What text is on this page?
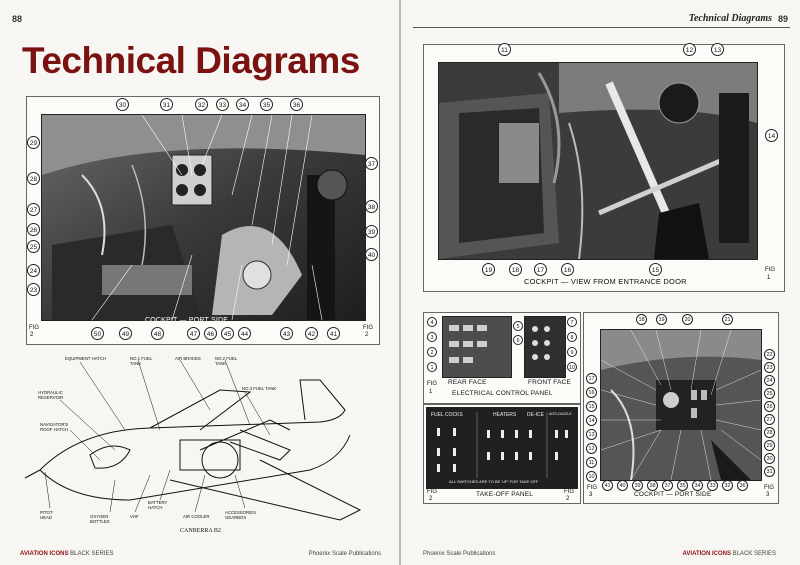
88
Technical Diagrams
30	31	32	33	34	35	36
29
28
27
26
25
24
23
37
38
39
40
50	49	48	47	46	45	44	43	42	41
COCKPIT — PORT SIDE
FIG
2
FIG
2
EQUIPMENT HATCH	NO.1 FUEL TANK
AIR BRAKES	NO.2 FUEL TANK
NO.3 FUEL TANK
HYDRAULIC RESERVOIR
NAVIGATOR'S ROOF HATCH
PITOT HEAD	OXYGEN BOTTLES
VHF
BATTERY HATCH
AIR COOLER
ACCESSORIES GEARBOX
CANBERRA B2
AVIATION ICONS BLACK SERIES	Phoenix Scale Publications
Technical Diagrams 89
11	12	13
14
19	18	17	16	15
COCKPIT — VIEW FROM ENTRANCE DOOR
FIG
1
4
3
2
1
5
6
7
8
9
10
REAR FACE	FRONT FACE
ELECTRICAL CONTROL PANEL
FIG
1
FUEL COCKS	HEATERS DE-ICE ANTI-DAZZLE
ALL SWITCHES ARE TO BE 'UP' FOR TAKE OFF
TAKE-OFF PANEL
FIG
2
FIG
2
18	19	20	21
17
16
15
14
13
12
11
10
22
23
24
25
26
27
28
29
30
31
41	40	39	38	37	35	34	33	32	36
COCKPIT — PORT SIDE
FIG
3
FIG
3
Phoenix Scale Publications	AVIATION ICONS BLACK SERIES
